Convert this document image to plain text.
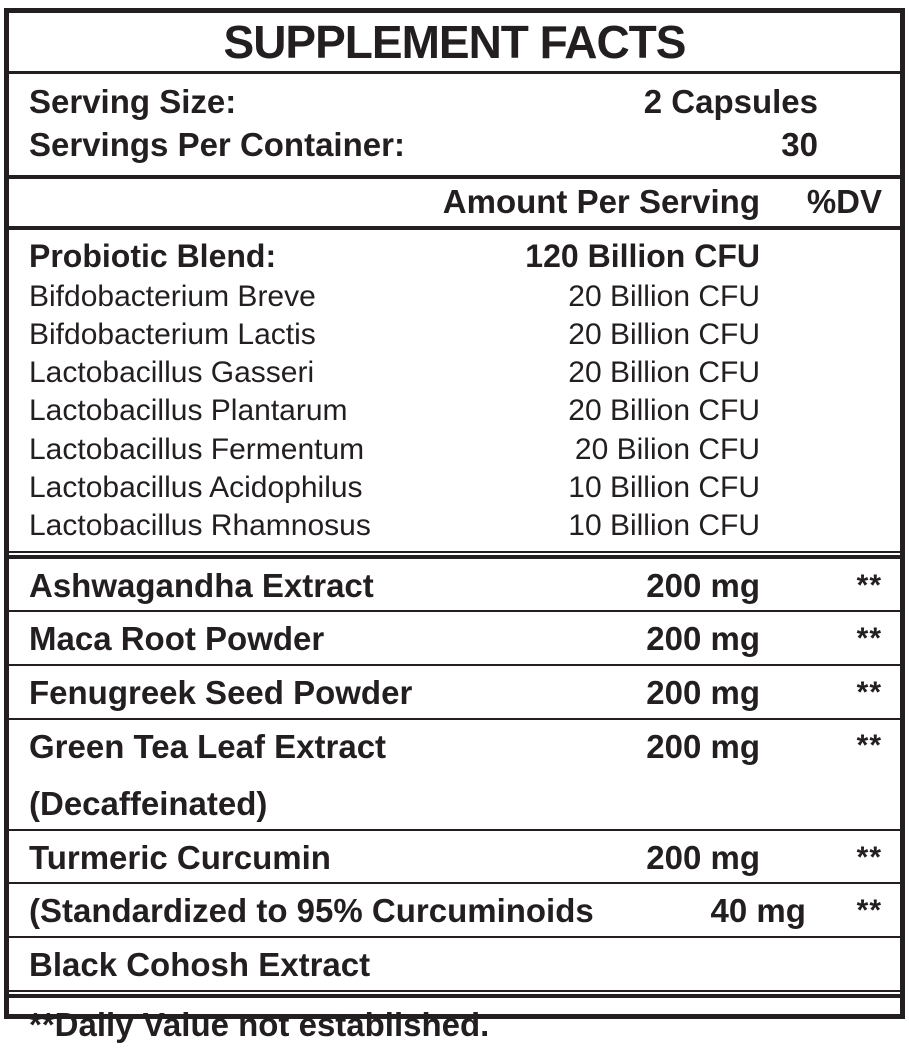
SUPPLEMENT FACTS
Serving Size:	2 Capsules
Servings Per Container:	30
Amount Per Serving	%DV
Probiotic Blend:	120 Billion CFU
Bifdobacterium Breve	20 Billion CFU
Bifdobacterium Lactis	20 Billion CFU
Lactobacillus Gasseri	20 Billion CFU
Lactobacillus Plantarum	20 Billion CFU
Lactobacillus Fermentum	20 Bilion CFU
Lactobacillus Acidophilus	10 Billion CFU
Lactobacillus Rhamnosus	10 Billion CFU
Ashwagandha Extract	200 mg	**
Maca Root Powder	200 mg	**
Fenugreek Seed Powder	200 mg	**
Green Tea Leaf Extract	200 mg	**
(Decaffeinated)
Turmeric Curcumin	200 mg	**
(Standardized to 95% Curcuminoids	40 mg	**
Black Cohosh Extract
**Daily Value not established.
